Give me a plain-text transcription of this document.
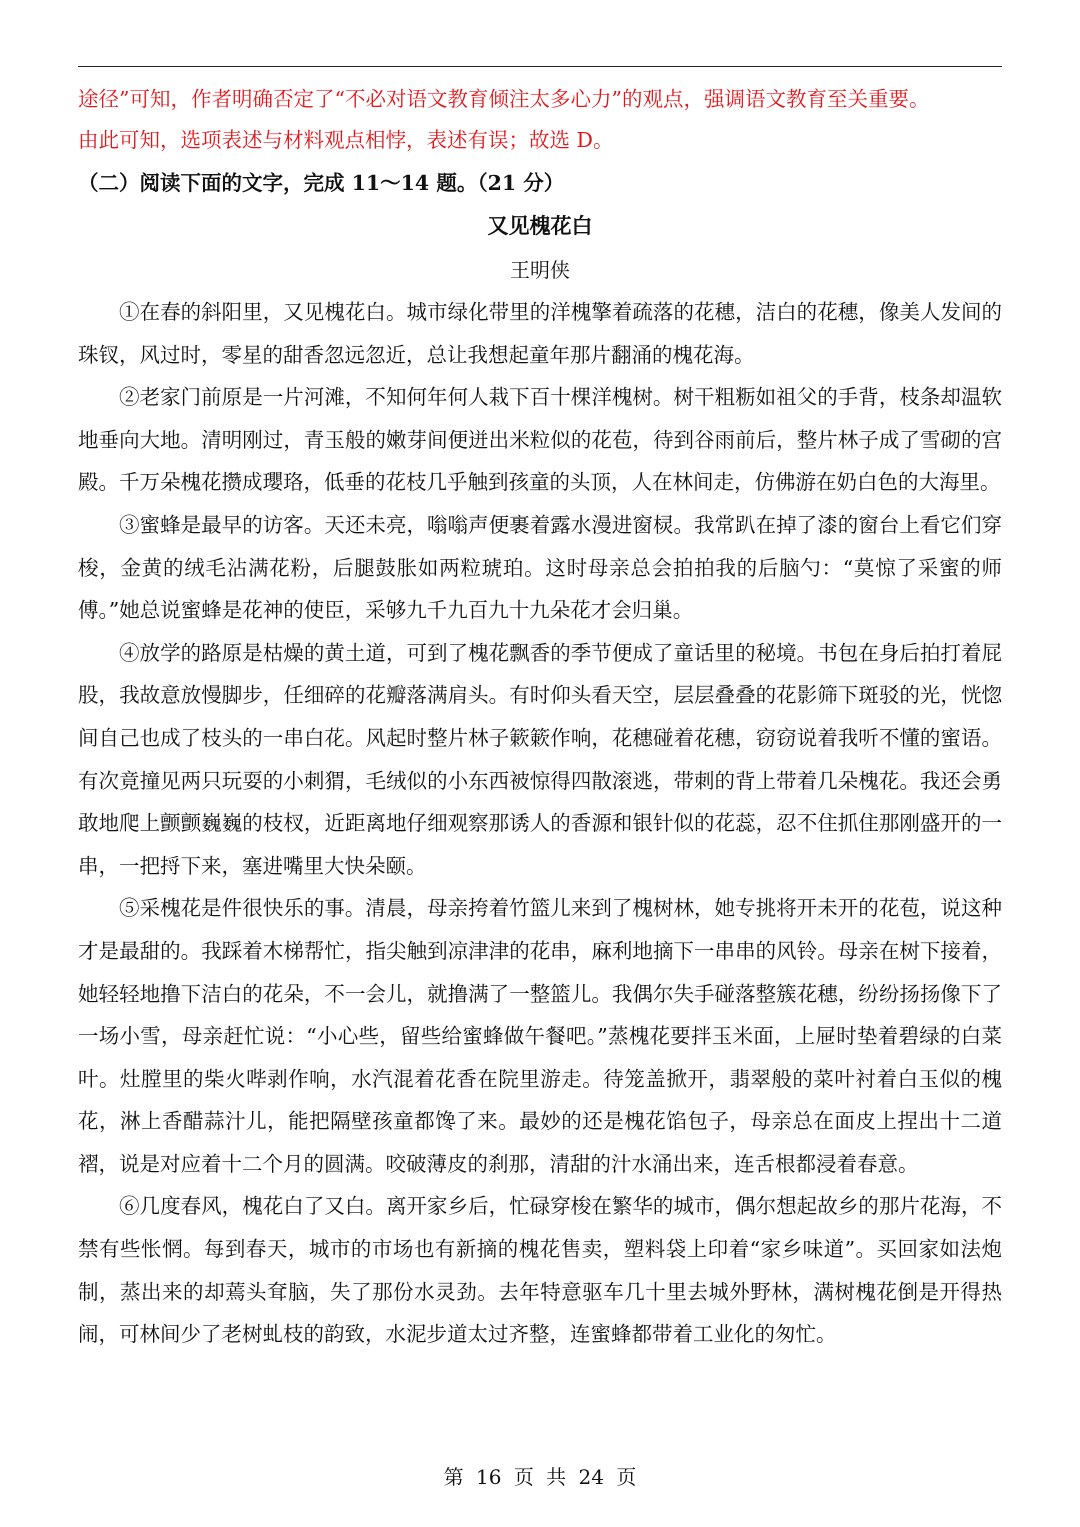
途径”可知，作者明确否定了“不必对语文教育倾注太多心力”的观点，强调语文教育至关重要。
由此可知，选项表述与材料观点相悖，表述有误；故选 D。
（二）阅读下面的文字，完成 11～14 题。（21 分）
又见槐花白
王明侠

①在春的斜阳里，又见槐花白。城市绿化带里的洋槐擎着疏落的花穗，洁白的花穗，像美人发间的珠钗，风过时，零星的甜香忽远忽近，总让我想起童年那片翻涌的槐花海。

②老家门前原是一片河滩，不知何年何人栽下百十棵洋槐树。树干粗粝如祖父的手背，枝条却温软地垂向大地。清明刚过，青玉般的嫩芽间便迸出米粒似的花苞，待到谷雨前后，整片林子成了雪砌的宫殿。千万朵槐花攒成瓔珞，低垂的花枝几乎触到孩童的头顶，人在林间走，仿佛游在奶白色的大海里。

③蜜蜂是最早的访客。天还未亮，嗡嗡声便裹着露水漫进窗棂。我常趴在掉了漆的窗台上看它们穿梭，金黄的绒毛沾满花粉，后腿鼓胀如两粒琥珀。这时母亲总会拍拍我的后脑勺：“莫惊了采蜜的师傅。”她总说蜜蜂是花神的使臣，采够九千九百九十九朵花才会归巢。

④放学的路原是枯燥的黄土道，可到了槐花飘香的季节便成了童话里的秘境。书包在身后拍打着屁股，我故意放慢脚步，任细碎的花瓣落满肩头。有时仰头看天空，层层叠叠的花影筛下斑驳的光，恍惚间自己也成了枝头的一串白花。风起时整片林子簌簌作响，花穗碰着花穗，窃窃说着我听不懂的蜜语。有次竟撞见两只玩耍的小刺猬，毛绒似的小东西被惊得四散滚逃，带刺的背上带着几朵槐花。我还会勇敢地爬上颤颤巍巍的枝杈，近距离地仔细观察那诱人的香源和银针似的花蕊，忍不住抓住那刚盛开的一串，一把捋下来，塞进嘴里大快朵颐。

⑤采槐花是件很快乐的事。清晨，母亲挎着竹篮儿来到了槐树林，她专挑将开未开的花苞，说这种才是最甜的。我踩着木梯帮忙，指尖触到凉津津的花串，麻利地摘下一串串的风铃。母亲在树下接着，她轻轻地撸下洁白的花朵，不一会儿，就撸满了一整篮儿。我偶尔失手碰落整簇花穗，纷纷扬扬像下了一场小雪，母亲赶忙说：“小心些，留些给蜜蜂做午餐吧。”蒸槐花要拌玉米面，上屉时垫着碧绿的白菜叶。灶膛里的柴火哔剥作响，水汽混着花香在院里游走。待笼盖掀开，翡翠般的菜叶衬着白玉似的槐花，淋上香醋蒜汁儿，能把隔壁孩童都馋了来。最妙的还是槐花馅包子，母亲总在面皮上捏出十二道褶，说是对应着十二个月的圆满。咬破薄皮的刹那，清甜的汁水涌出来，连舌根都浸着春意。

⑥几度春风，槐花白了又白。离开家乡后，忙碌穿梭在繁华的城市，偶尔想起故乡的那片花海，不禁有些怅惘。每到春天，城市的市场也有新摘的槐花售卖，塑料袋上印着“家乡味道”。买回家如法炮制，蒸出来的却蔫头耷脑，失了那份水灵劲。去年特意驱车几十里去城外野林，满树槐花倒是开得热闹，可林间少了老树虬枝的韵致，水泥步道太过齐整，连蜜蜂都带着工业化的匆忙。

第 16 页 共 24 页
